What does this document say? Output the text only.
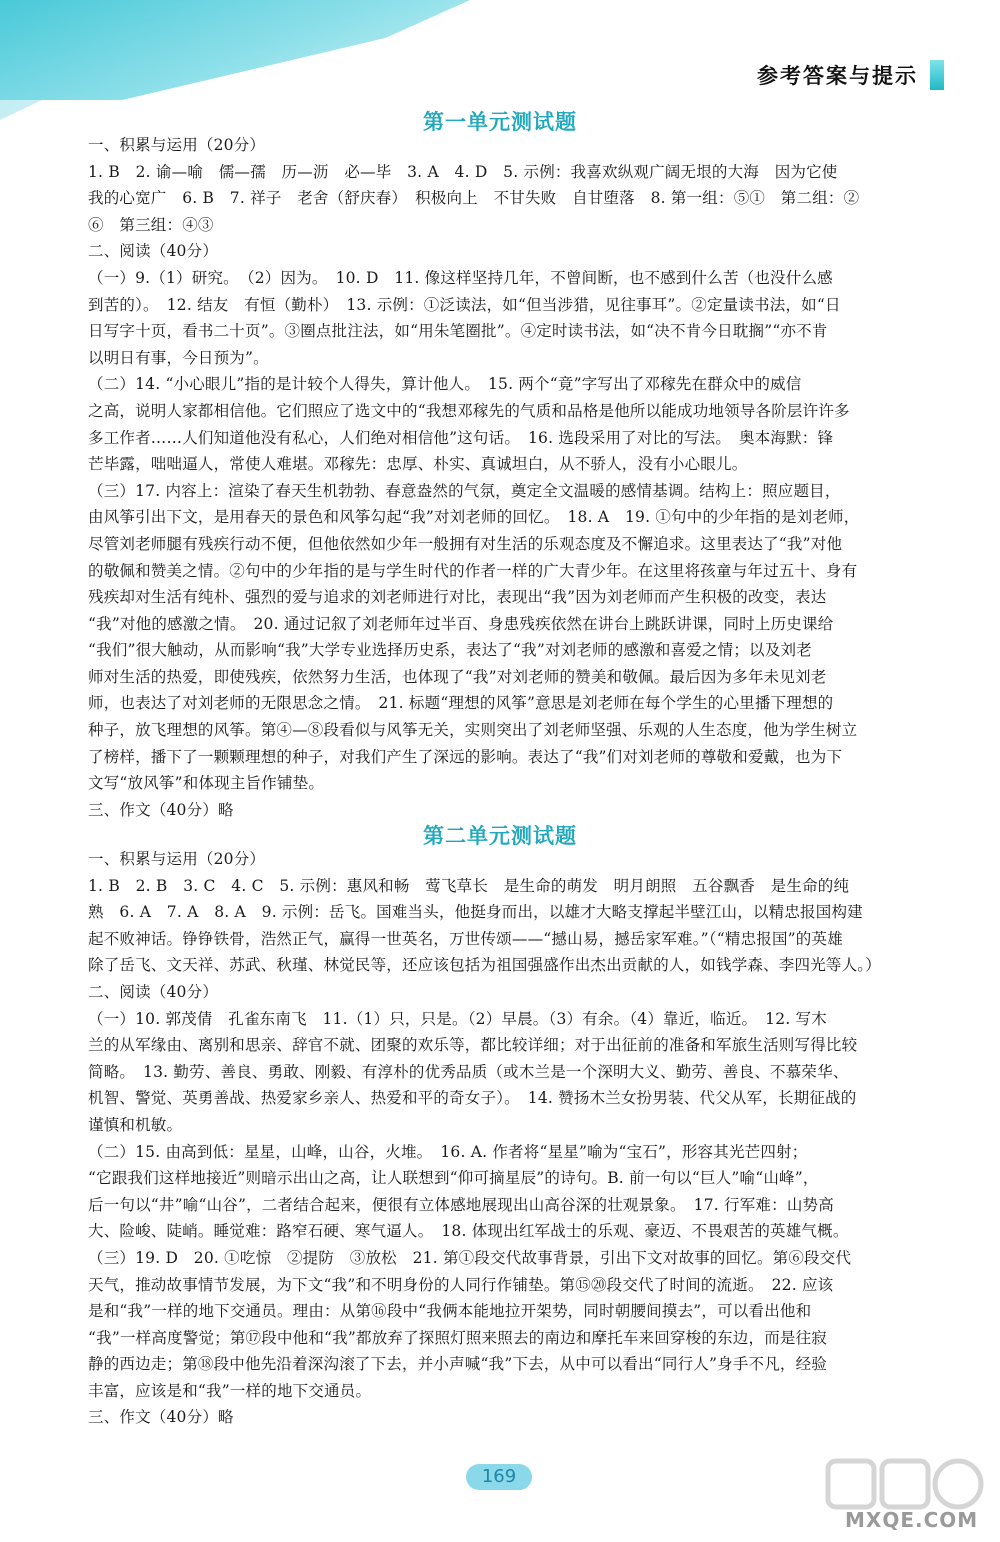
参考答案与提示
第一单元测试题
一、积累与运用（20分）
1. B　2. 谕—喻　儒—孺　历—沥　必—毕　3. A　4. D　5. 示例：我喜欢纵观广阔无垠的大海　因为它使
我的心宽广　6. B　7. 祥子　老舍（舒庆春）　积极向上　不甘失败　自甘堕落　8. 第一组：⑤①　第二组：②
⑥　第三组：④③
二、阅读（40分）
（一）9.（1）研究。　（2）因为。　10. D　11. 像这样坚持几年，不曾间断，也不感到什么苦（也没什么感
到苦的）。　12. 结友　有恒（勤朴）　13. 示例：①泛读法，如“但当涉猎，见往事耳”。②定量读书法，如“日
日写字十页，看书二十页”。③圈点批注法，如“用朱笔圈批”。④定时读书法，如“决不肯今日耽搁”“亦不肯
以明日有事，今日预为”。
（二）14. “小心眼儿”指的是计较个人得失，算计他人。　15. 两个“竟”字写出了邓稼先在群众中的威信
之高，说明人家都相信他。它们照应了选文中的“我想邓稼先的气质和品格是他所以能成功地领导各阶层许许多
多工作者……人们知道他没有私心，人们绝对相信他”这句话。　16. 选段采用了对比的写法。　奥本海默：锋
芒毕露，咄咄逼人，常使人难堪。邓稼先：忠厚、朴实、真诚坦白，从不骄人，没有小心眼儿。
（三）17. 内容上：渲染了春天生机勃勃、春意盎然的气氛，奠定全文温暖的感情基调。结构上：照应题目，
由风筝引出下文，是用春天的景色和风筝勾起“我”对刘老师的回忆。　18. A　19. ①句中的少年指的是刘老师，
尽管刘老师腿有残疾行动不便，但他依然如少年一般拥有对生活的乐观态度及不懈追求。这里表达了“我”对他
的敬佩和赞美之情。②句中的少年指的是与学生时代的作者一样的广大青少年。在这里将孩童与年过五十、身有
残疾却对生活有纯朴、强烈的爱与追求的刘老师进行对比，表现出“我”因为刘老师而产生积极的改变，表达
“我”对他的感激之情。　20. 通过记叙了刘老师年过半百、身患残疾依然在讲台上跳跃讲课，同时上历史课给
“我们”很大触动，从而影响“我”大学专业选择历史系，表达了“我”对刘老师的感激和喜爱之情；以及刘老
师对生活的热爱，即使残疾，依然努力生活，也体现了“我”对刘老师的赞美和敬佩。最后因为多年未见刘老
师，也表达了对刘老师的无限思念之情。　21. 标题“理想的风筝”意思是刘老师在每个学生的心里播下理想的
种子，放飞理想的风筝。第④—⑧段看似与风筝无关，实则突出了刘老师坚强、乐观的人生态度，他为学生树立
了榜样，播下了一颗颗理想的种子，对我们产生了深远的影响。表达了“我”们对刘老师的尊敬和爱戴，也为下
文写“放风筝”和体现主旨作铺垫。
三、作文（40分）略
第二单元测试题
一、积累与运用（20分）
1. B　2. B　3. C　4. C　5. 示例：惠风和畅　莺飞草长　是生命的萌发　明月朗照　五谷飘香　是生命的纯
熟　6. A　7. A　8. A　9. 示例：岳飞。国难当头，他挺身而出，以雄才大略支撑起半壁江山，以精忠报国构建
起不败神话。铮铮铁骨，浩然正气，赢得一世英名，万世传颂——“撼山易，撼岳家军难。”（“精忠报国”的英雄
除了岳飞、文天祥、苏武、秋瑾、林觉民等，还应该包括为祖国强盛作出杰出贡献的人，如钱学森、李四光等人。）
二、阅读（40分）
（一）10. 郭茂倩　孔雀东南飞　11.（1）只，只是。（2）早晨。（3）有余。（4）靠近，临近。　12. 写木
兰的从军缘由、离别和思亲、辞官不就、团聚的欢乐等，都比较详细；对于出征前的准备和军旅生活则写得比较
简略。　13. 勤劳、善良、勇敢、刚毅、有淳朴的优秀品质（或木兰是一个深明大义、勤劳、善良、不慕荣华、
机智、警觉、英勇善战、热爱家乡亲人、热爱和平的奇女子）。　14. 赞扬木兰女扮男装、代父从军，长期征战的
谨慎和机敏。
（二）15. 由高到低：星星，山峰，山谷，火堆。　16. A. 作者将“星星”喻为“宝石”，形容其光芒四射；
“它跟我们这样地接近”则暗示出山之高，让人联想到“仰可摘星辰”的诗句。B. 前一句以“巨人”喻“山峰”，
后一句以“井”喻“山谷”，二者结合起来，便很有立体感地展现出山高谷深的壮观景象。　17. 行军难：山势高
大、险峻、陡峭。睡觉难：路窄石硬、寒气逼人。　18. 体现出红军战士的乐观、豪迈、不畏艰苦的英雄气概。
（三）19. D　20. ①吃惊　②提防　③放松　21. 第①段交代故事背景，引出下文对故事的回忆。第⑥段交代
天气，推动故事情节发展，为下文“我”和不明身份的人同行作铺垫。第⑮⑳段交代了时间的流逝。　22. 应该
是和“我”一样的地下交通员。理由：从第⑯段中“我俩本能地拉开架势，同时朝腰间摸去”，可以看出他和
“我”一样高度警觉；第⑰段中他和“我”都放弃了探照灯照来照去的南边和摩托车来回穿梭的东边，而是往寂
静的西边走；第⑱段中他先沿着深沟滚了下去，并小声喊“我”下去，从中可以看出“同行人”身手不凡，经验
丰富，应该是和“我”一样的地下交通员。
三、作文（40分）略
169
MXQE.COM
